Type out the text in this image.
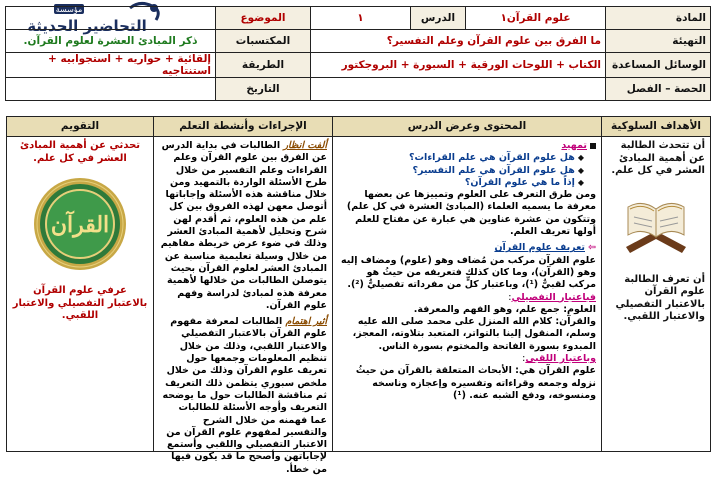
مؤسسة
التحاضير الحديثة	المادة	علوم القرآن١	الدرس	١	الموضوع	
التهيئة	ما الفرق بين علوم القرآن وعلم التفسير؟			المكتسبات	ذكر المبادئ العشرة لعلوم القرآن.
الوسائل المساعدة	الكتاب + اللوحات الورقية + السبورة + البروجكتور			الطريقة	إلقائية + حواريه + استجوابيه + استنتاجيه
الحصة – الفصل				التاريخ	
الأهداف السلوكية
أن تتحدث الطالبة عن أهمية المبادئ العشر في كل علم.
أن تعرف الطالبة علوم القرآن بالاعتبار التفصيلي والاعتبار اللقبي.
المحتوى وعرض الدرس

تمهيد

◆هل علوم القرآن هي علم القراءات؟

◆هل علوم القرآن هي علم التفسير؟

◆إذاً ما هي علوم القرآن؟

ومن طرق التعرف على العلوم وتمييزها عن بعضها معرفة ما يسميه العلماء (المبادئ العشرة في كل علم) وتتكون من عشرة عناوين هي عبارة عن مفتاح للعلم أولها تعريف العلم.

⇦ تعريف علوم القرآن

علوم القرآن مركب من مُضاف وهو (علوم) ومضاف إليه وهو (القرآن)، وما كان كذلك فتعريفه من حيثُ هو مركب لقبيٌّ (¹)، وباعتبار كلٍّ من مفرداته تفصيليٌّ (²).

فباعتبار التفصيلي:

العلوم: جمع علم، وهو الفهم والمعرفة.

والقرآن: كلام الله المنزل على محمد صلى الله عليه وسلم، المنقول إلينا بالتواتر، المتعبد بتلاوته، المعجز، المبدوء بسورة الفاتحة والمختوم بسورة الناس.

وباعتبار اللقبي:

علوم القرآن هي: الأبحاث المتعلقة بالقرآن من حيثُ نزوله وجمعه وقراءاته وتفسيره وإعجازه وناسخه ومنسوخه، ودفع الشبه عنه. (¹)

الإجراءات وأنشطة التعلم

ألفت انظار الطالبات في بداية الدرس عن الفرق بين علوم القرآن وعلم القراءات وعلم التفسير من خلال طرح الأسئلة الواردة بالتمهيد ومن خلال مناقشة هذه الأسئلة وإجاباتها أتوصل معهن لهذه الفروق بين كل علم من هذه العلوم، ثم أقدم لهن شرح وتحليل لأهمية المبادئ العشر وذلك في ضوء عرض خريطة مفاهيم من خلال وسيلة تعليمية مناسبة عن المبادئ العشر لعلوم القرآن بحيث يتوصلن الطالبات من خلالها لأهمية معرفة هذه لمبادئ لدراسة وفهم علوم القرآن.

أثير اهتمام الطالبات لمعرفة مفهوم علوم القرآن بالاعتبار التفصيلي والاعتبار اللقبي، وذلك من خلال تنظيم المعلومات وجمعها حول تعريف علوم القرآن وذلك من خلال ملخص سبوري يتظمن ذلك التعريف ثم مناقشة الطالبات حول ما يوضحه التعريف وأوجه الأسئلة للطالبات عما فهمنه من خلال الشرح والتفسير لمفهوم علوم القرآن من الاعتبار التفصيلي واللقبي وأستمع لإجاباتهن وأصحح ما قد يكون فيها من خطأ.

التقويم
تحدثي عن أهمية المبادئ العشر في كل علم.
القرآن
عرفي علوم القرآن بالاعتبار التفصيلي والاعتبار اللقبي.
